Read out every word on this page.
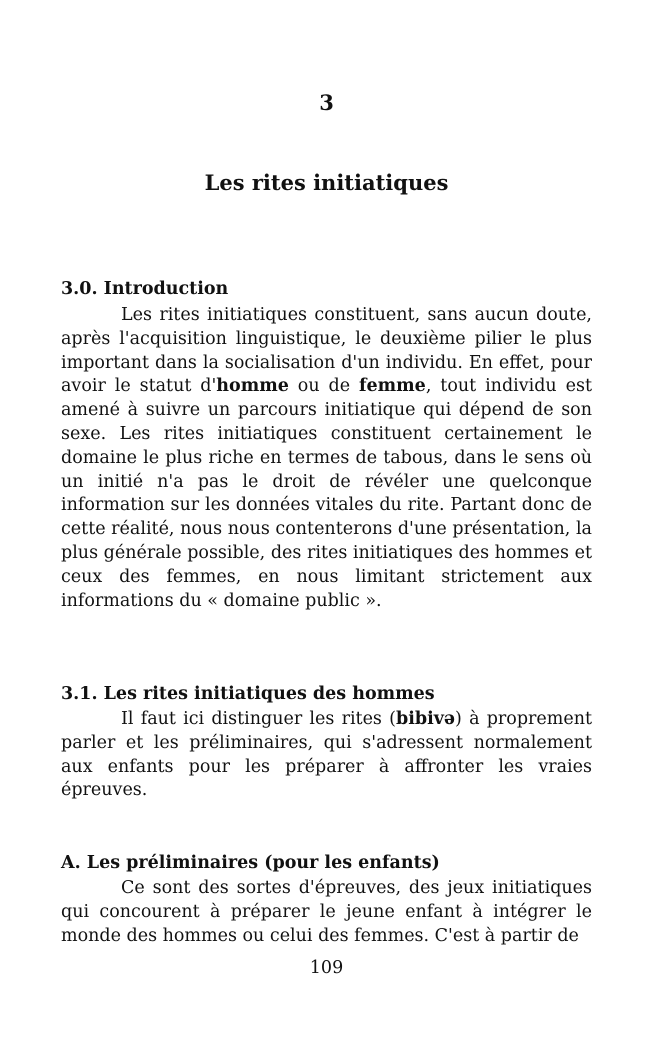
3
Les rites initiatiques
3.0. Introduction
Les rites initiatiques constituent, sans aucun doute, après l'acquisition linguistique, le deuxième pilier le plus important dans la socialisation d'un individu. En effet, pour avoir le statut d'homme ou de femme, tout individu est amené à suivre un parcours initiatique qui dépend de son sexe. Les rites initiatiques constituent certainement le domaine le plus riche en termes de tabous, dans le sens où un initié n'a pas le droit de révéler une quelconque information sur les données vitales du rite. Partant donc de cette réalité, nous nous contenterons d'une présentation, la plus générale possible, des rites initiatiques des hommes et ceux des femmes, en nous limitant strictement aux informations du « domaine public ».
3.1. Les rites initiatiques des hommes
Il faut ici distinguer les rites (bibivə) à proprement parler et les préliminaires, qui s'adressent normalement aux enfants pour les préparer à affronter les vraies épreuves.
A. Les préliminaires (pour les enfants)
Ce sont des sortes d'épreuves, des jeux initiatiques qui concourent à préparer le jeune enfant à intégrer le monde des hommes ou celui des femmes. C'est à partir de
109
